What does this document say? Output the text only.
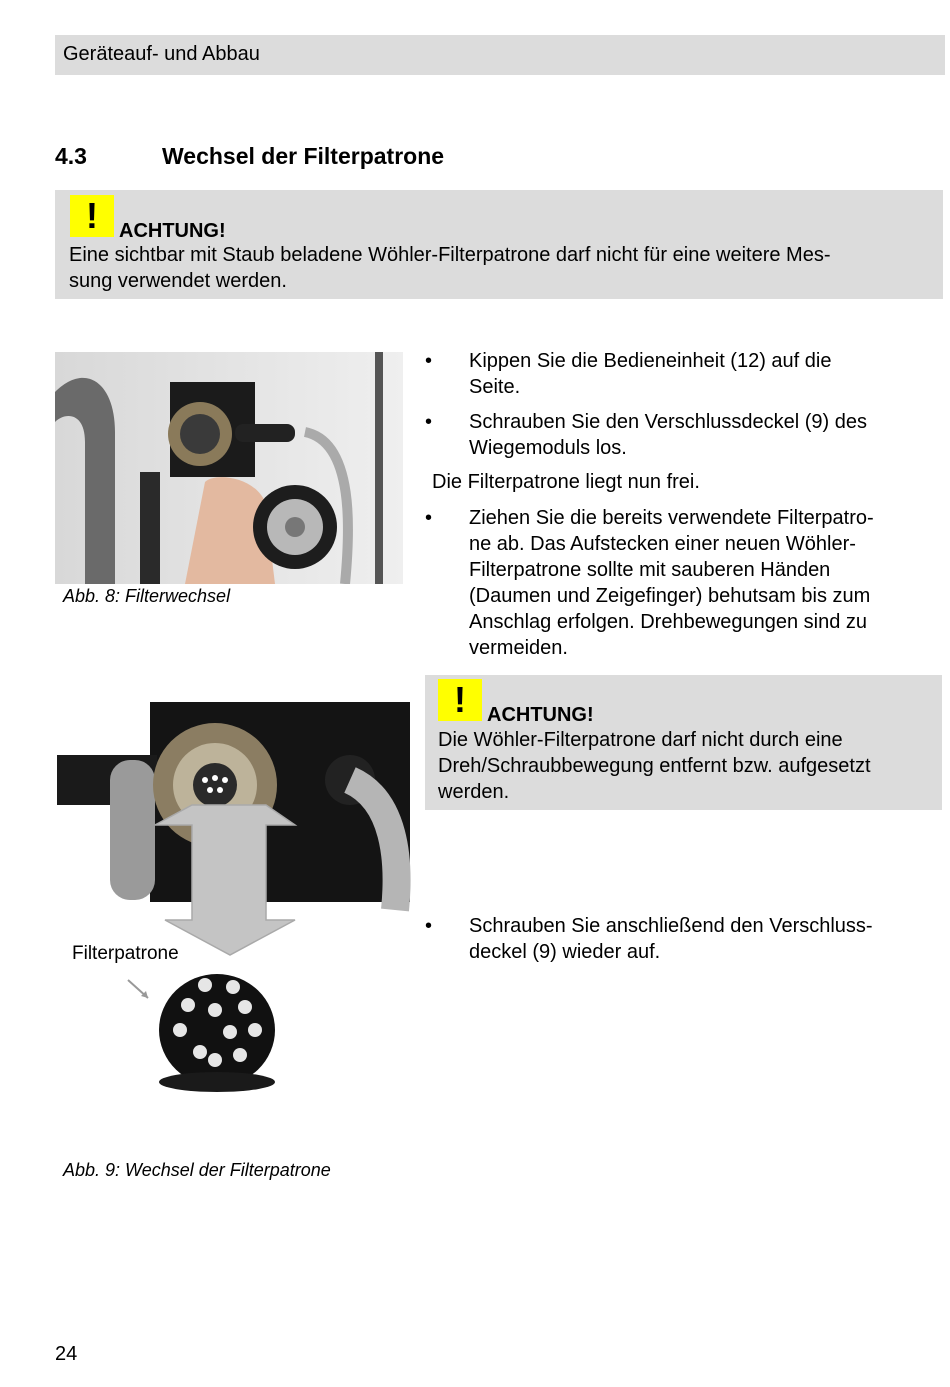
Geräteauf- und Abbau
4.3	Wechsel der Filterpatrone
!	ACHTUNG!
Eine sichtbar mit Staub beladene Wöhler-Filterpatrone darf nicht für eine weitere Mes-
sung verwendet werden.
Abb. 8: Filterwechsel
• Kippen Sie die Bedieneinheit (12) auf die
Seite.
• Schrauben Sie den Verschlussdeckel (9) des
Wiegemoduls los.
Die Filterpatrone liegt nun frei.
• Ziehen Sie die bereits verwendete Filterpatro-
ne ab. Das Aufstecken einer neuen Wöhler-
Filterpatrone sollte mit sauberen Händen
(Daumen und Zeigefinger) behutsam bis zum
Anschlag erfolgen. Drehbewegungen sind zu
vermeiden.
!	ACHTUNG!
Die Wöhler-Filterpatrone darf nicht durch eine
Dreh/Schraubbewegung entfernt bzw. aufgesetzt
werden.
Filterpatrone
• Schrauben Sie anschließend den Verschluss-
deckel (9) wieder auf.
Abb. 9: Wechsel der Filterpatrone
24
